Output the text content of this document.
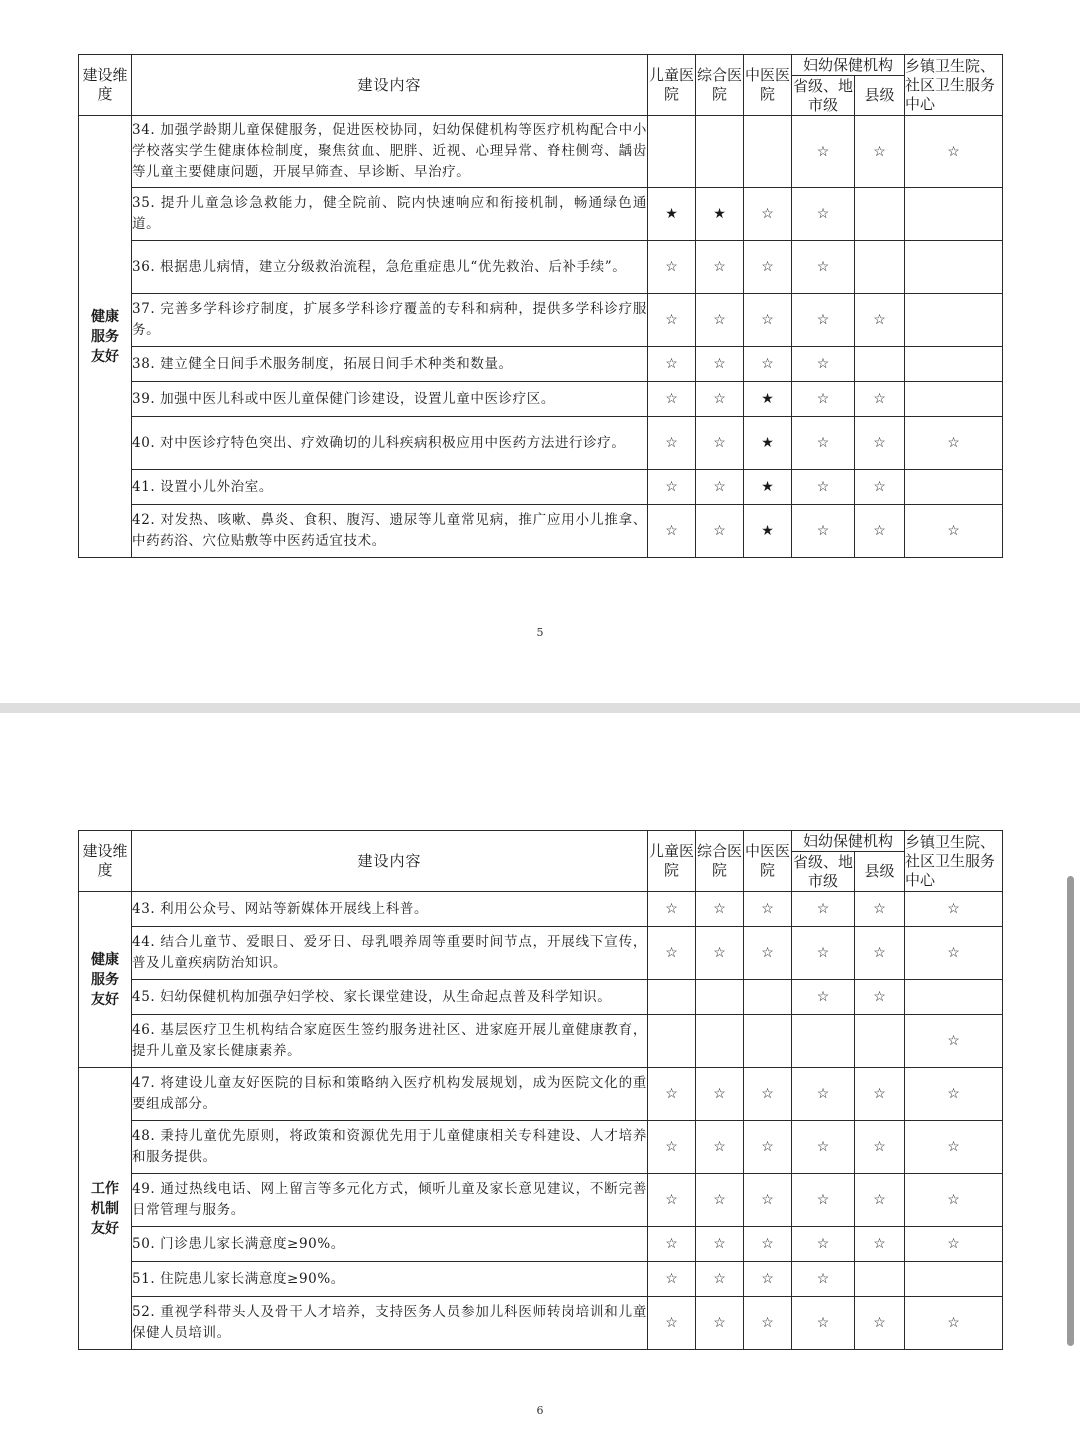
建设维度	建设内容	儿童医院	综合医院	中医医院	妇幼保健机构		乡镇卫生院、社区卫生服务中心
					省级、地市级	县级	
健康服务友好	34. 加强学龄期儿童保健服务，促进医校协同，妇幼保健机构等医疗机构配合中小学校落实学生健康体检制度，聚焦贫血、肥胖、近视、心理异常、脊柱侧弯、龋齿等儿童主要健康问题，开展早筛查、早诊断、早治疗。				☆	☆	☆
	35. 提升儿童急诊急救能力，健全院前、院内快速响应和衔接机制，畅通绿色通道。	★	★	☆	☆		
	36. 根据患儿病情，建立分级救治流程，急危重症患儿“优先救治、后补手续”。	☆	☆	☆	☆		
	37. 完善多学科诊疗制度，扩展多学科诊疗覆盖的专科和病种，提供多学科诊疗服务。	☆	☆	☆	☆	☆	
	38. 建立健全日间手术服务制度，拓展日间手术种类和数量。	☆	☆	☆	☆		
	39. 加强中医儿科或中医儿童保健门诊建设，设置儿童中医诊疗区。	☆	☆	★	☆	☆	
	40. 对中医诊疗特色突出、疗效确切的儿科疾病积极应用中医药方法进行诊疗。	☆	☆	★	☆	☆	☆
	41. 设置小儿外治室。	☆	☆	★	☆	☆	
	42. 对发热、咳嗽、鼻炎、食积、腹泻、遗尿等儿童常见病，推广应用小儿推拿、中药药浴、穴位贴敷等中医药适宜技术。	☆	☆	★	☆	☆	☆
5
建设维度	建设内容	儿童医院	综合医院	中医医院	妇幼保健机构		乡镇卫生院、社区卫生服务中心
					省级、地市级	县级	
健康服务友好	43. 利用公众号、网站等新媒体开展线上科普。	☆	☆	☆	☆	☆	☆
	44. 结合儿童节、爱眼日、爱牙日、母乳喂养周等重要时间节点，开展线下宣传，普及儿童疾病防治知识。	☆	☆	☆	☆	☆	☆
	45. 妇幼保健机构加强孕妇学校、家长课堂建设，从生命起点普及科学知识。				☆	☆	
	46. 基层医疗卫生机构结合家庭医生签约服务进社区、进家庭开展儿童健康教育，提升儿童及家长健康素养。						☆
工作机制友好	47. 将建设儿童友好医院的目标和策略纳入医疗机构发展规划，成为医院文化的重要组成部分。	☆	☆	☆	☆	☆	☆
	48. 秉持儿童优先原则，将政策和资源优先用于儿童健康相关专科建设、人才培养和服务提供。	☆	☆	☆	☆	☆	☆
	49. 通过热线电话、网上留言等多元化方式，倾听儿童及家长意见建议，不断完善日常管理与服务。	☆	☆	☆	☆	☆	☆
	50. 门诊患儿家长满意度≥90%。	☆	☆	☆	☆	☆	☆
	51. 住院患儿家长满意度≥90%。	☆	☆	☆	☆		
	52. 重视学科带头人及骨干人才培养，支持医务人员参加儿科医师转岗培训和儿童保健人员培训。	☆	☆	☆	☆	☆	☆
6
